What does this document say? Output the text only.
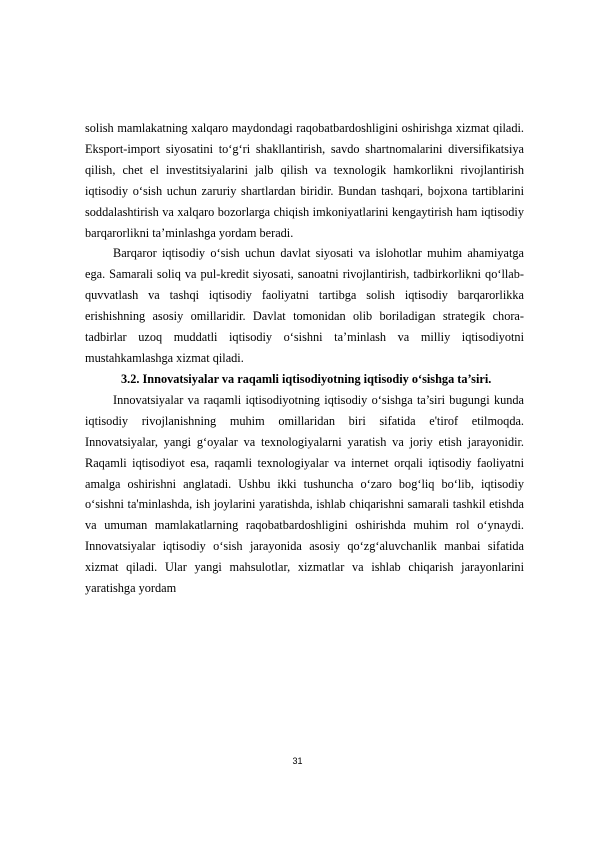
solish mamlakatning xalqaro maydondagi raqobatbardoshligini oshirishga xizmat qiladi. Eksport-import siyosatini to‘g‘ri shakllantirish, savdo shartnomalarini diversifikatsiya qilish, chet el investitsiyalarini jalb qilish va texnologik hamkorlikni rivojlantirish iqtisodiy o‘sish uchun zaruriy shartlardan biridir. Bundan tashqari, bojxona tartiblarini soddalashtirish va xalqaro bozorlarga chiqish imkoniyatlarini kengaytirish ham iqtisodiy barqarorlikni ta’minlashga yordam beradi.

Barqaror iqtisodiy o‘sish uchun davlat siyosati va islohotlar muhim ahamiyatga ega. Samarali soliq va pul-kredit siyosati, sanoatni rivojlantirish, tadbirkorlikni qo‘llab-quvvatlash va tashqi iqtisodiy faoliyatni tartibga solish iqtisodiy barqarorlikka erishishning asosiy omillaridir. Davlat tomonidan olib boriladigan strategik chora-tadbirlar uzoq muddatli iqtisodiy o‘sishni ta’minlash va milliy iqtisodiyotni mustahkamlashga xizmat qiladi.

3.2. Innovatsiyalar va raqamli iqtisodiyotning iqtisodiy o‘sishga ta’siri.

Innovatsiyalar va raqamli iqtisodiyotning iqtisodiy o‘sishga ta’siri bugungi kunda iqtisodiy rivojlanishning muhim omillaridan biri sifatida e'tirof etilmoqda. Innovatsiyalar, yangi g‘oyalar va texnologiyalarni yaratish va joriy etish jarayonidir. Raqamli iqtisodiyot esa, raqamli texnologiyalar va internet orqali iqtisodiy faoliyatni amalga oshirishni anglatadi. Ushbu ikki tushuncha o‘zaro bog‘liq bo‘lib, iqtisodiy o‘sishni ta'minlashda, ish joylarini yaratishda, ishlab chiqarishni samarali tashkil etishda va umuman mamlakatlarning raqobatbardoshligini oshirishda muhim rol o‘ynaydi. Innovatsiyalar iqtisodiy o‘sish jarayonida asosiy qo‘zg‘aluvchanlik manbai sifatida xizmat qiladi. Ular yangi mahsulotlar, xizmatlar va ishlab chiqarish jarayonlarini yaratishga yordam

31
